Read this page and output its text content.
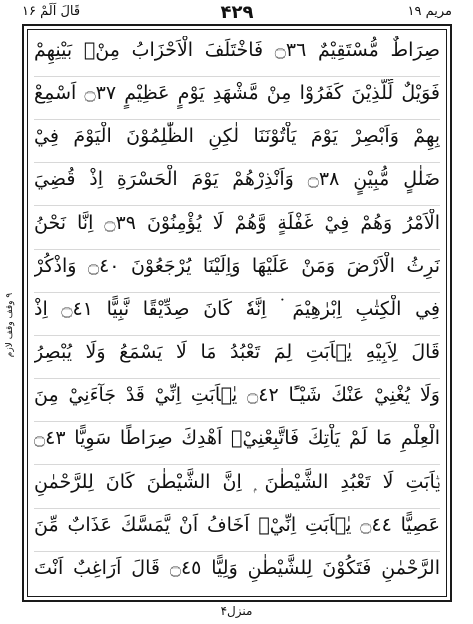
مریم ۱۹
۴۲۹
قَالَ اَلَمْ ۱۶
۹ وقف وقف لازم
صِرَاطٌ مُّسْتَقِيْمٌ ۝٣٦ فَاخْتَلَفَ الْاَحْزَابُ مِنْۢ بَيْنِهِمْ
فَوَيْلٌ لِّلَّذِيْنَ كَفَرُوْا مِنْ مَّشْهَدِ يَوْمٍ عَظِيْمٍ ۝٣٧ اَسْمِعْ
بِهِمْ وَاَبْصِرْ يَوْمَ يَاْتُوْنَنَا لٰكِنِ الظّٰلِمُوْنَ الْيَوْمَ فِيْ
ضَلٰلٍ مُّبِيْنٍ ۝٣٨ وَاَنْذِرْهُمْ يَوْمَ الْحَسْرَةِ اِذْ قُضِيَ
الْاَمْرُ وَهُمْ فِيْ غَفْلَةٍ وَّهُمْ لَا يُؤْمِنُوْنَ ۝٣٩ اِنَّا نَحْنُ
نَرِثُ الْاَرْضَ وَمَنْ عَلَيْهَا وَاِلَيْنَا يُرْجَعُوْنَ ۝٤٠ وَاذْكُرْ
فِي الْكِتٰبِ اِبْرٰهِيْمَ ۬ اِنَّهٗ كَانَ صِدِّيْقًا نَّبِيًّا ۝٤١ اِذْ
قَالَ لِاَبِيْهِ يٰۤاَبَتِ لِمَ تَعْبُدُ مَا لَا يَسْمَعُ وَلَا يُبْصِرُ
وَلَا يُغْنِيْ عَنْكَ شَيْـًٔا ۝٤٢ يٰۤاَبَتِ اِنِّيْ قَدْ جَآءَنِيْ مِنَ
الْعِلْمِ مَا لَمْ يَاْتِكَ فَاتَّبِعْنِيْۤ اَهْدِكَ صِرَاطًا سَوِيًّا ۝٤٣
يٰۤاَبَتِ لَا تَعْبُدِ الشَّيْطٰنَ ۭ اِنَّ الشَّيْطٰنَ كَانَ لِلرَّحْمٰنِ
عَصِيًّا ۝٤٤ يٰۤاَبَتِ اِنِّيْۤ اَخَافُ اَنْ يَّمَسَّكَ عَذَابٌ مِّنَ
الرَّحْمٰنِ فَتَكُوْنَ لِلشَّيْطٰنِ وَلِيًّا ۝٤٥ قَالَ اَرَاغِبٌ اَنْتَ
منزل۴
